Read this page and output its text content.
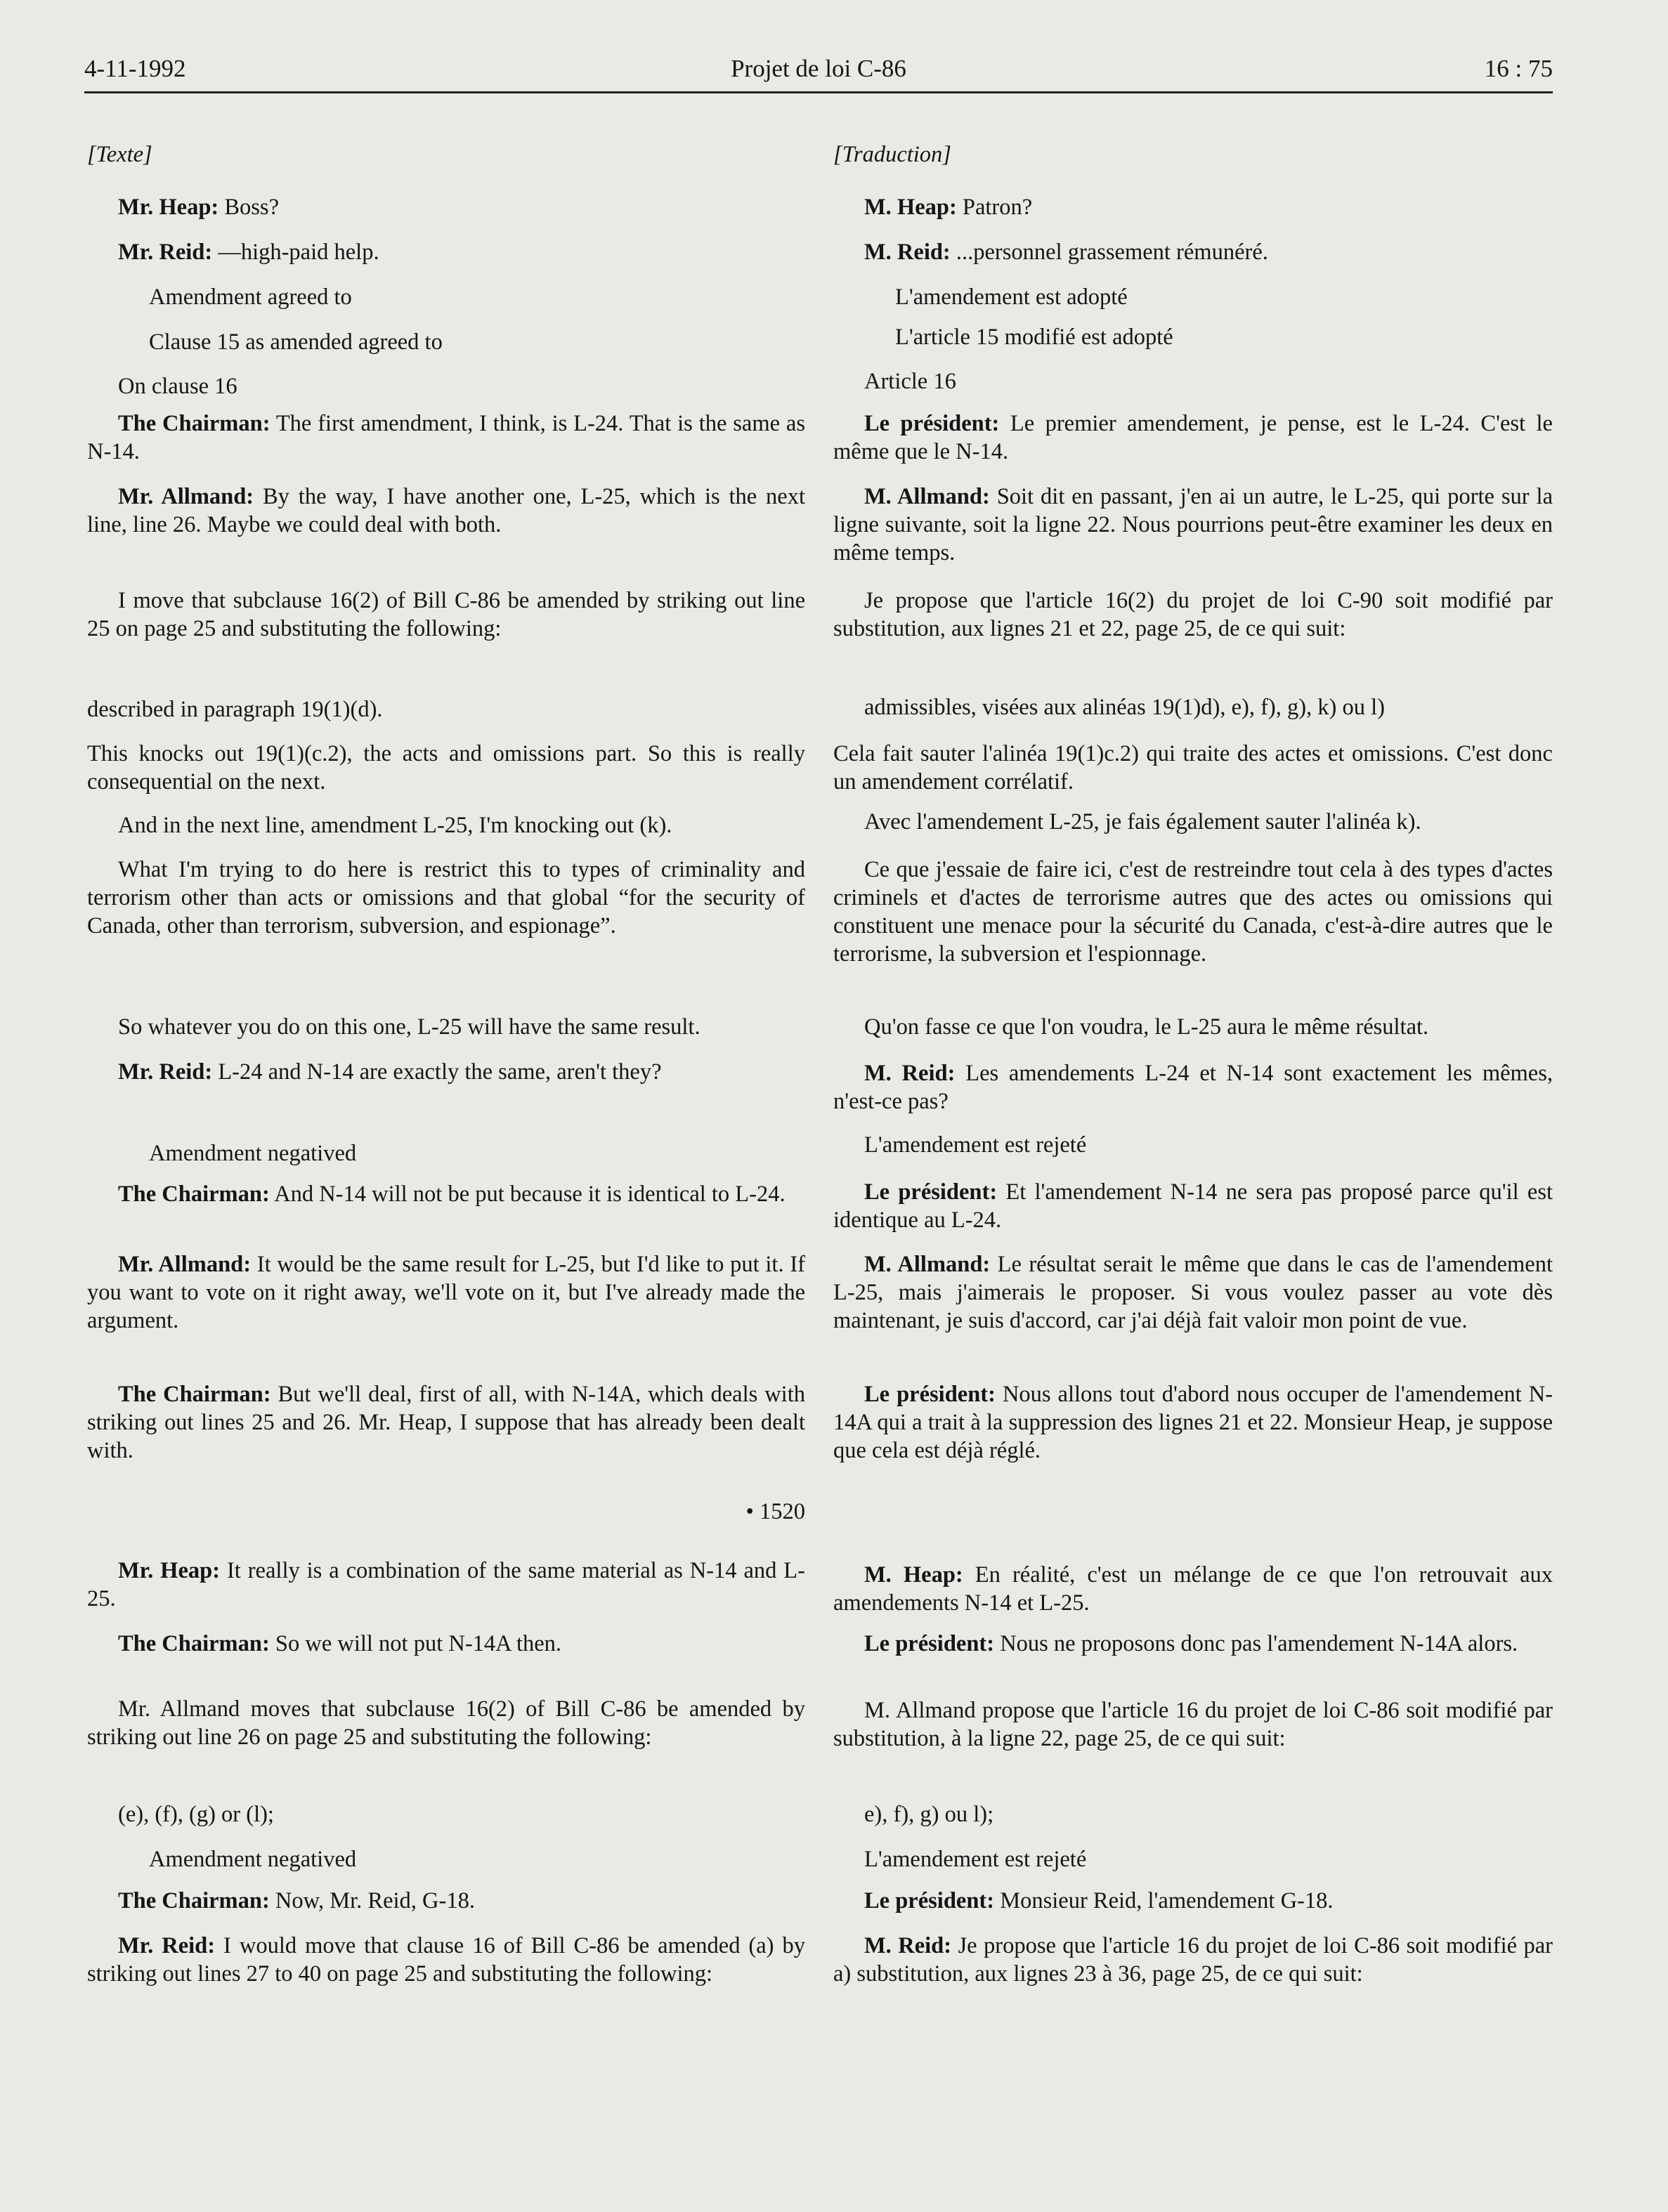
4-11-1992	Projet de loi C-86	16 : 75
[Texte]
Mr. Heap: Boss?
Mr. Reid: —high-paid help.
Amendment agreed to
Clause 15 as amended agreed to
On clause 16
The Chairman: The first amendment, I think, is L-24. That is the same as N-14.
Mr. Allmand: By the way, I have another one, L-25, which is the next line, line 26. Maybe we could deal with both.
I move that subclause 16(2) of Bill C-86 be amended by striking out line 25 on page 25 and substituting the following:
described in paragraph 19(1)(d).
This knocks out 19(1)(c.2), the acts and omissions part. So this is really consequential on the next.
And in the next line, amendment L-25, I'm knocking out (k).
What I'm trying to do here is restrict this to types of criminality and terrorism other than acts or omissions and that global “for the security of Canada, other than terrorism, subversion, and espionage”.
So whatever you do on this one, L-25 will have the same result.
Mr. Reid: L-24 and N-14 are exactly the same, aren't they?
Amendment negatived
The Chairman: And N-14 will not be put because it is identical to L-24.
Mr. Allmand: It would be the same result for L-25, but I'd like to put it. If you want to vote on it right away, we'll vote on it, but I've already made the argument.
The Chairman: But we'll deal, first of all, with N-14A, which deals with striking out lines 25 and 26. Mr. Heap, I suppose that has already been dealt with.
• 1520
Mr. Heap: It really is a combination of the same material as N-14 and L-25.
The Chairman: So we will not put N-14A then.
Mr. Allmand moves that subclause 16(2) of Bill C-86 be amended by striking out line 26 on page 25 and substituting the following:
(e), (f), (g) or (l);
Amendment negatived
The Chairman: Now, Mr. Reid, G-18.
Mr. Reid: I would move that clause 16 of Bill C-86 be amended (a) by striking out lines 27 to 40 on page 25 and substituting the following:
[Traduction]
M. Heap: Patron?
M. Reid: ...personnel grassement rémunéré.
L'amendement est adopté
L'article 15 modifié est adopté
Article 16
Le président: Le premier amendement, je pense, est le L-24. C'est le même que le N-14.
M. Allmand: Soit dit en passant, j'en ai un autre, le L-25, qui porte sur la ligne suivante, soit la ligne 22. Nous pourrions peut-être examiner les deux en même temps.
Je propose que l'article 16(2) du projet de loi C-90 soit modifié par substitution, aux lignes 21 et 22, page 25, de ce qui suit:
admissibles, visées aux alinéas 19(1)d), e), f), g), k) ou l)
Cela fait sauter l'alinéa 19(1)c.2) qui traite des actes et omissions. C'est donc un amendement corrélatif.
Avec l'amendement L-25, je fais également sauter l'alinéa k).
Ce que j'essaie de faire ici, c'est de restreindre tout cela à des types d'actes criminels et d'actes de terrorisme autres que des actes ou omissions qui constituent une menace pour la sécurité du Canada, c'est-à-dire autres que le terrorisme, la subversion et l'espionnage.
Qu'on fasse ce que l'on voudra, le L-25 aura le même résultat.
M. Reid: Les amendements L-24 et N-14 sont exactement les mêmes, n'est-ce pas?
L'amendement est rejeté
Le président: Et l'amendement N-14 ne sera pas proposé parce qu'il est identique au L-24.
M. Allmand: Le résultat serait le même que dans le cas de l'amendement L-25, mais j'aimerais le proposer. Si vous voulez passer au vote dès maintenant, je suis d'accord, car j'ai déjà fait valoir mon point de vue.
Le président: Nous allons tout d'abord nous occuper de l'amendement N-14A qui a trait à la suppression des lignes 21 et 22. Monsieur Heap, je suppose que cela est déjà réglé.
M. Heap: En réalité, c'est un mélange de ce que l'on retrouvait aux amendements N-14 et L-25.
Le président: Nous ne proposons donc pas l'amendement N-14A alors.
M. Allmand propose que l'article 16 du projet de loi C-86 soit modifié par substitution, à la ligne 22, page 25, de ce qui suit:
e), f), g) ou l);
L'amendement est rejeté
Le président: Monsieur Reid, l'amendement G-18.
M. Reid: Je propose que l'article 16 du projet de loi C-86 soit modifié par a) substitution, aux lignes 23 à 36, page 25, de ce qui suit:
